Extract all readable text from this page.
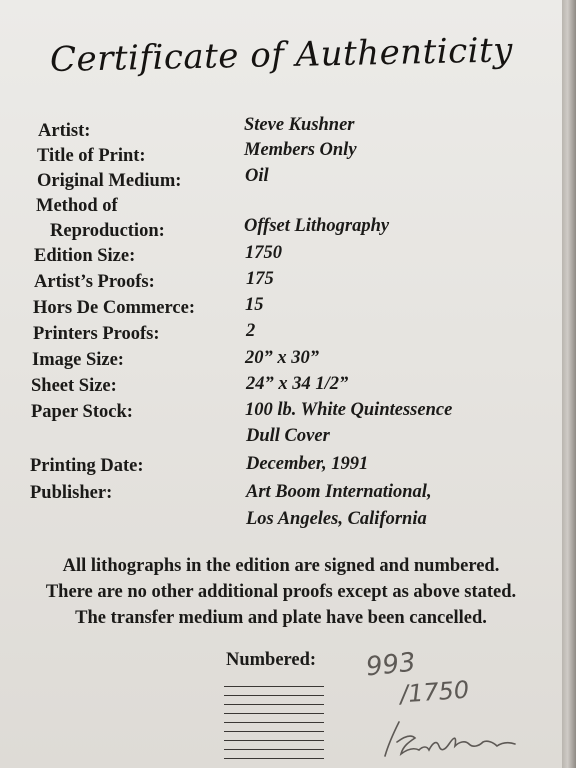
Certificate of Authenticity
Artist:	Steve Kushner
Title of Print:	Members Only
Original Medium:	Oil
Method of
Reproduction:	Offset Lithography
Edition Size:	1750
Artist’s Proofs:	175
Hors De Commerce:	15
Printers Proofs:	2
Image Size:	20” x 30”
Sheet Size:	24” x 34 1/2”
Paper Stock:	100 lb. White Quintessence
Dull Cover
Printing Date:	December, 1991
Publisher:	Art Boom International,
Los Angeles, California
All lithographs in the edition are signed and numbered.
There are no other additional proofs except as above stated.
The transfer medium and plate have been cancelled.
Numbered: 993
/1750
